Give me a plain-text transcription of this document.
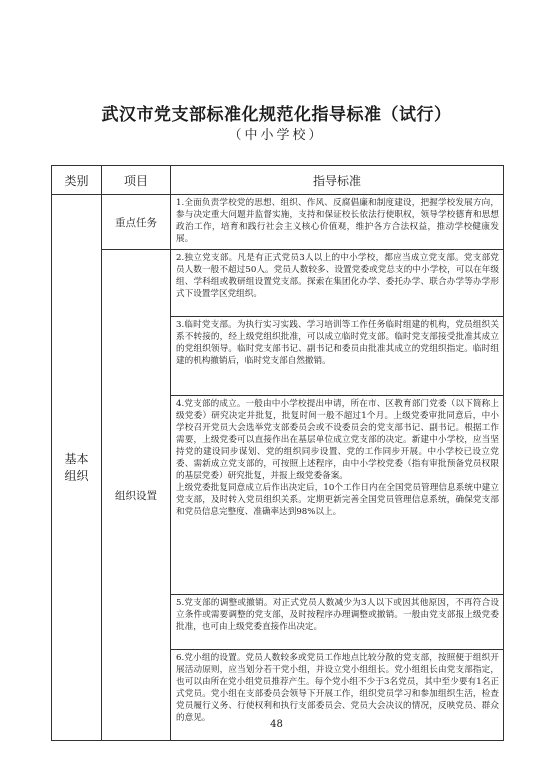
武汉市党支部标准化规范化指导标准（试行）
（中小学校）
类别	项目	指导标准
基本
组织	重点任务	1.全面负责学校党的思想、组织、作风、反腐倡廉和制度建设，把握学校发展方向，参与决定重大问题并监督实施，支持和保证校长依法行使职权，领导学校德育和思想政治工作，培育和践行社会主义核心价值观，维护各方合法权益，推动学校健康发展。
	组织设置	2.独立党支部。凡是有正式党员3人以上的中小学校，都应当成立党支部。党支部党员人数一般不超过50人。党员人数较多、设置党委或党总支的中小学校，可以在年级组、学科组或教研组设置党支部。探索在集团化办学、委托办学、联合办学等办学形式下设置学区党组织。
		3.临时党支部。为执行实习实践、学习培训等工作任务临时组建的机构，党员组织关系不转接的，经上级党组织批准，可以成立临时党支部。临时党支部接受批准其成立的党组织领导。临时党支部书记、副书记和委员由批准其成立的党组织指定。临时组建的机构撤销后，临时党支部自然撤销。
		4.党支部的成立。一般由中小学校提出申请，所在市、区教育部门党委（以下简称上级党委）研究决定并批复，批复时间一般不超过1个月。上级党委审批同意后，中小学校召开党员大会选举党支部委员会或不设委员会的党支部书记、副书记。根据工作需要，上级党委可以直接作出在基层单位成立党支部的决定。新建中小学校，应当坚持党的建设同步谋划、党的组织同步设置、党的工作同步开展。中小学校已设立党委、需新成立党支部的，可按照上述程序，由中小学校党委（指有审批预备党员权限的基层党委）研究批复，并报上级党委备案。
上级党委批复同意成立后作出决定后，10个工作日内在全国党员管理信息系统中建立党支部，及时转入党员组织关系。定期更新完善全国党员管理信息系统，确保党支部和党员信息完整度、准确率达到98%以上。
		5.党支部的调整或撤销。对正式党员人数减少为3人以下或因其他原因，不再符合设立条件或需要调整的党支部，及时按程序办理调整或撤销。一般由党支部报上级党委批准，也可由上级党委直接作出决定。
		6.党小组的设置。党员人数较多或党员工作地点比较分散的党支部，按照便于组织开展活动原则，应当划分若干党小组，并设立党小组组长。党小组组长由党支部指定，也可以由所在党小组党员推荐产生。每个党小组不少于3名党员，其中至少要有1名正式党员。党小组在支部委员会领导下开展工作，组织党员学习和参加组织生活，检查党员履行义务、行使权利和执行支部委员会、党员大会决议的情况，反映党员、群众的意见。
48
